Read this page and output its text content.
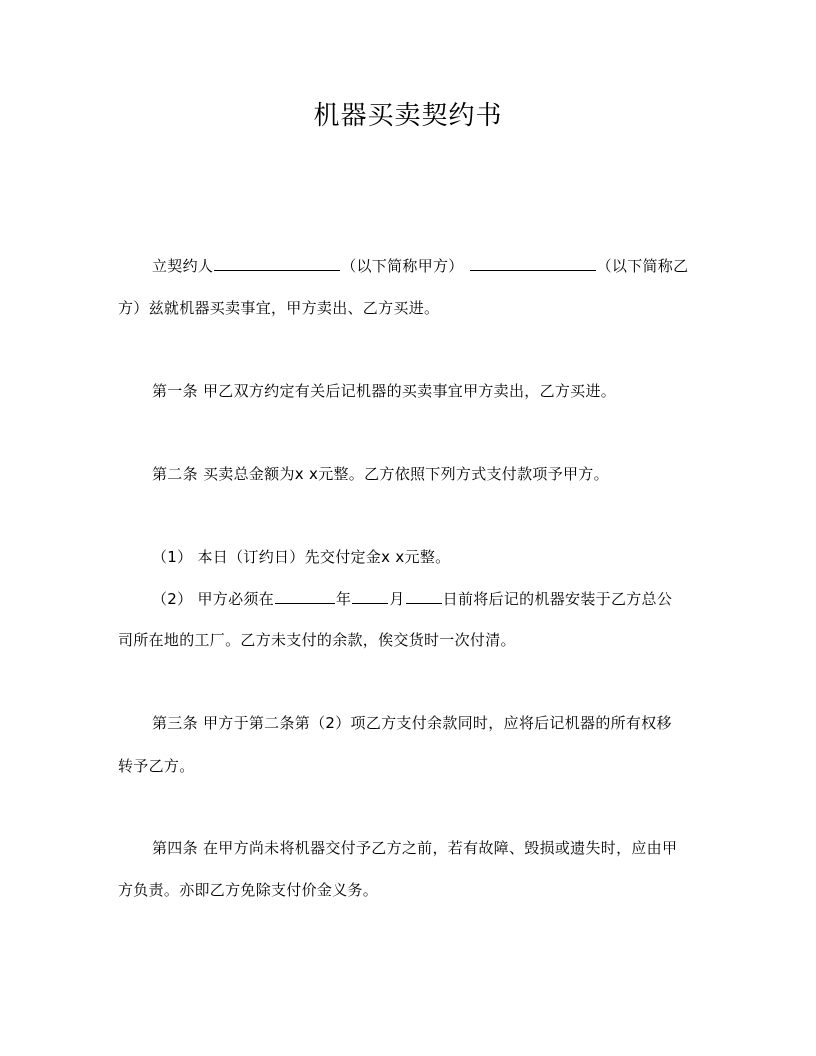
机器买卖契约书
立契约人	（以下简称甲方）	（以下简称乙
方）兹就机器买卖事宜，甲方卖出、乙方买进。
第一条 甲乙双方约定有关后记机器的买卖事宜甲方卖出，乙方买进。
第二条 买卖总金额为x x元整。乙方依照下列方式支付款项予甲方。
（1） 本日（订约日）先交付定金x x元整。
（2） 甲方必须在	年	月	日前将后记的机器安装于乙方总公
司所在地的工厂。乙方未支付的余款，俟交货时一次付清。
第三条 甲方于第二条第（2）项乙方支付余款同时，应将后记机器的所有权移
转予乙方。
第四条 在甲方尚未将机器交付予乙方之前，若有故障、毁损或遗失时，应由甲
方负责。亦即乙方免除支付价金义务。
